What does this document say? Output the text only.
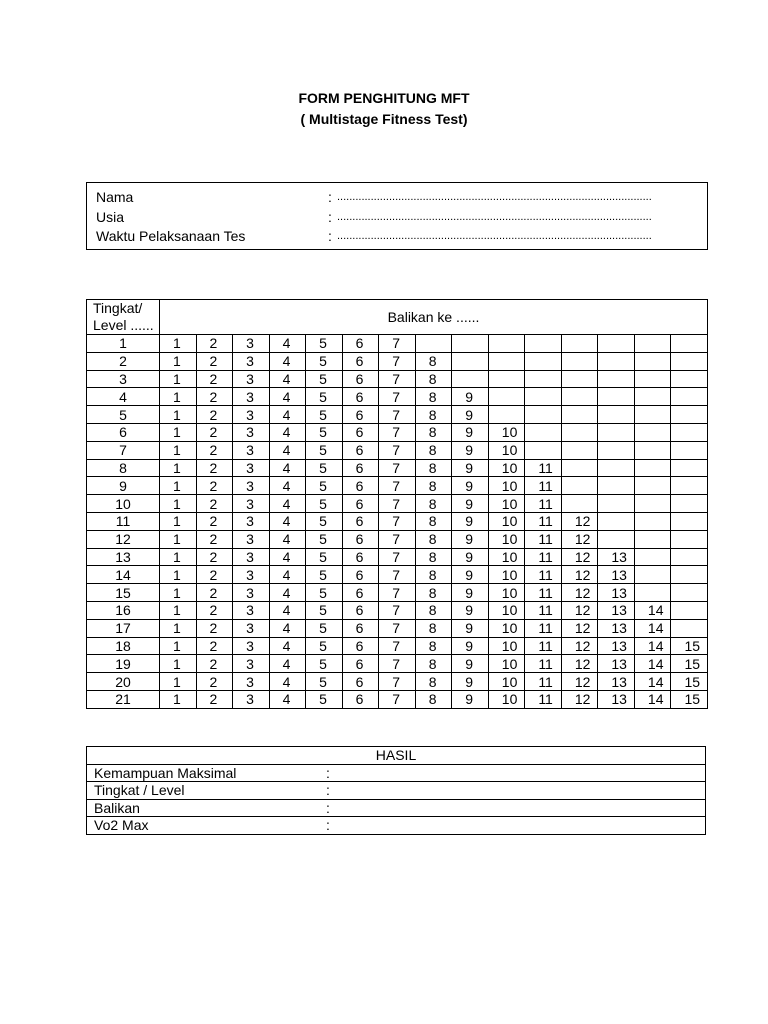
FORM PENGHITUNG MFT
( Multistage Fitness Test)
Nama	: .......................................................................................................
Usia	: .......................................................................................................
Waktu Pelaksanaan Tes	: .......................................................................................................
Tingkat/ Level ......	Balikan ke ......														
1	1	2	3	4	5	6	7								
2	1	2	3	4	5	6	7	8							
3	1	2	3	4	5	6	7	8							
4	1	2	3	4	5	6	7	8	9						
5	1	2	3	4	5	6	7	8	9						
6	1	2	3	4	5	6	7	8	9	10					
7	1	2	3	4	5	6	7	8	9	10					
8	1	2	3	4	5	6	7	8	9	10	11				
9	1	2	3	4	5	6	7	8	9	10	11				
10	1	2	3	4	5	6	7	8	9	10	11				
11	1	2	3	4	5	6	7	8	9	10	11	12			
12	1	2	3	4	5	6	7	8	9	10	11	12			
13	1	2	3	4	5	6	7	8	9	10	11	12	13		
14	1	2	3	4	5	6	7	8	9	10	11	12	13		
15	1	2	3	4	5	6	7	8	9	10	11	12	13		
16	1	2	3	4	5	6	7	8	9	10	11	12	13	14	
17	1	2	3	4	5	6	7	8	9	10	11	12	13	14	
18	1	2	3	4	5	6	7	8	9	10	11	12	13	14	15
19	1	2	3	4	5	6	7	8	9	10	11	12	13	14	15
20	1	2	3	4	5	6	7	8	9	10	11	12	13	14	15
21	1	2	3	4	5	6	7	8	9	10	11	12	13	14	15
HASIL
Kemampuan Maksimal	:
Tingkat / Level	:
Balikan	:
Vo2 Max	:
